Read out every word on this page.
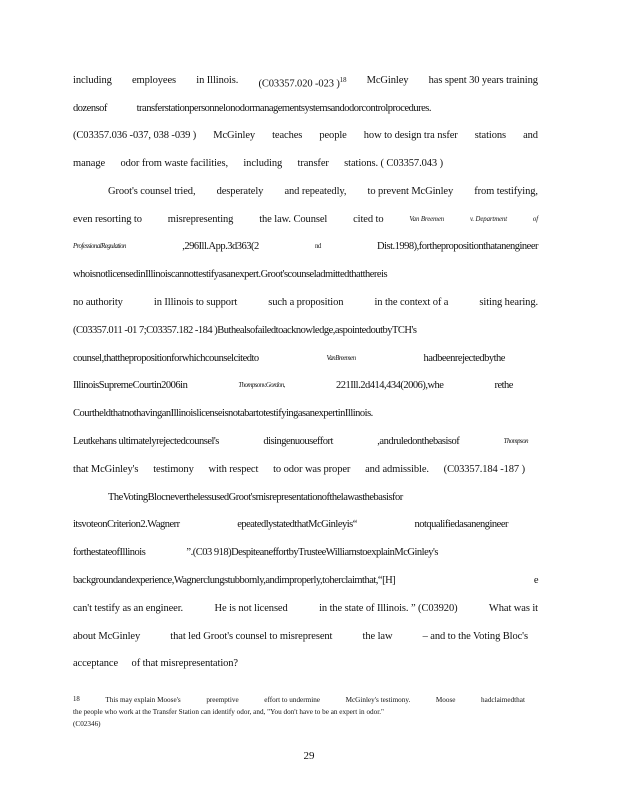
including employees in Illinois. (C03357.020 -023 )$^{18}$ McGinley has spent 30 years training
dozensof	transferstationpersonnelonodormanagementsystemsandodorcontrolprocedures.
(C03357.036 -037, 038 -039 ) McGinley teaches people how to design tra nsfer stations and
manage odor from waste facilities, including transfer stations. ( C03357.043 )
Groot's counsel tried, desperately and repeatedly, to prevent McGinley from testifying,
even resorting to misrepresenting the law. Counsel cited to	Van Breemen	v. Department	of
ProfessionalRegulation	,296Ill.App.3d363(2	nd	Dist.1998),forthepropositionthatanengineer
whoisnotlicensedinIllinoiscannottestifyasanexpert.Groot'scounseladmittedthatthereis
no authority	in Illinois to support	such a proposition	in the context of a	siting hearing.
(C03357.011 -01 7;C03357.182 -184 )Buthealsofailedtoacknowledge,aspointedoutbyTCH's
counsel,thatthepropositionforwhichcounselcitedto	VanBreemen	hadbeenrejectedbythe
IllinoisSupremeCourtin2006in	Thompsonv.Gordon,	221Ill.2d414,434(2006),whe	rethe
CourtheldthatnothavinganIllinoislicenseisnotabartotestifyingasanexpertinIllinois.
Leutkehans ultimatelyrejectedcounsel's	disingenuouseffort	,andruledonthebasisof	Thompson
that McGinley's testimony with respect to odor was proper and admissible. (C03357.184 -187 )
TheVotingBlocneverthelessusedGroot'smisrepresentationofthelawasthebasisfor
itsvoteonCriterion2.Wagnerr	epeatedlystatedthatMcGinleyis“	notqualifiedasanengineer
forthestateofIllinois	”.(C03 918)DespiteaneffortbyTrusteeWilliamstoexplainMcGinley's
backgroundandexperience,Wagnerclungstubbornly,andimproperly,toherclaimthat,“[H]	e
can't testify as an engineer.	He is not licensed	in the state of Illinois. ” (C03920)	What was it
about McGinley	that led Groot's counsel to misrepresent	the law	– and to the Voting Bloc's
acceptance of that misrepresentation?
18	This may explain Moose's	preemptive	effort to undermine	McGinley's testimony.	Moose	hadclaimedthat
the people who work at the Transfer Station can identify odor, and, "You don't have to be an expert in odor."
(C02346)
29
